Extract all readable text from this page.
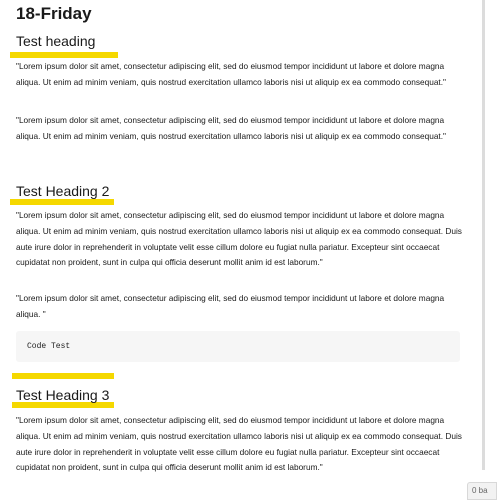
18-Friday
Test heading

"Lorem ipsum dolor sit amet, consectetur adipiscing elit, sed do eiusmod tempor incididunt ut labore et dolore magna aliqua. Ut enim ad minim veniam, quis nostrud exercitation ullamco laboris nisi ut aliquip ex ea commodo consequat."

"Lorem ipsum dolor sit amet, consectetur adipiscing elit, sed do eiusmod tempor incididunt ut labore et dolore magna aliqua. Ut enim ad minim veniam, quis nostrud exercitation ullamco laboris nisi ut aliquip ex ea commodo consequat."

Test Heading 2

"Lorem ipsum dolor sit amet, consectetur adipiscing elit, sed do eiusmod tempor incididunt ut labore et dolore magna aliqua. Ut enim ad minim veniam, quis nostrud exercitation ullamco laboris nisi ut aliquip ex ea commodo consequat. Duis aute irure dolor in reprehenderit in voluptate velit esse cillum dolore eu fugiat nulla pariatur. Excepteur sint occaecat cupidatat non proident, sunt in culpa qui officia deserunt mollit anim id est laborum."

"Lorem ipsum dolor sit amet, consectetur adipiscing elit, sed do eiusmod tempor incididunt ut labore et dolore magna aliqua. "

Code Test
Test Heading 3

"Lorem ipsum dolor sit amet, consectetur adipiscing elit, sed do eiusmod tempor incididunt ut labore et dolore magna aliqua. Ut enim ad minim veniam, quis nostrud exercitation ullamco laboris nisi ut aliquip ex ea commodo consequat. Duis aute irure dolor in reprehenderit in voluptate velit esse cillum dolore eu fugiat nulla pariatur. Excepteur sint occaecat cupidatat non proident, sunt in culpa qui officia deserunt mollit anim id est laborum."

0 ba
